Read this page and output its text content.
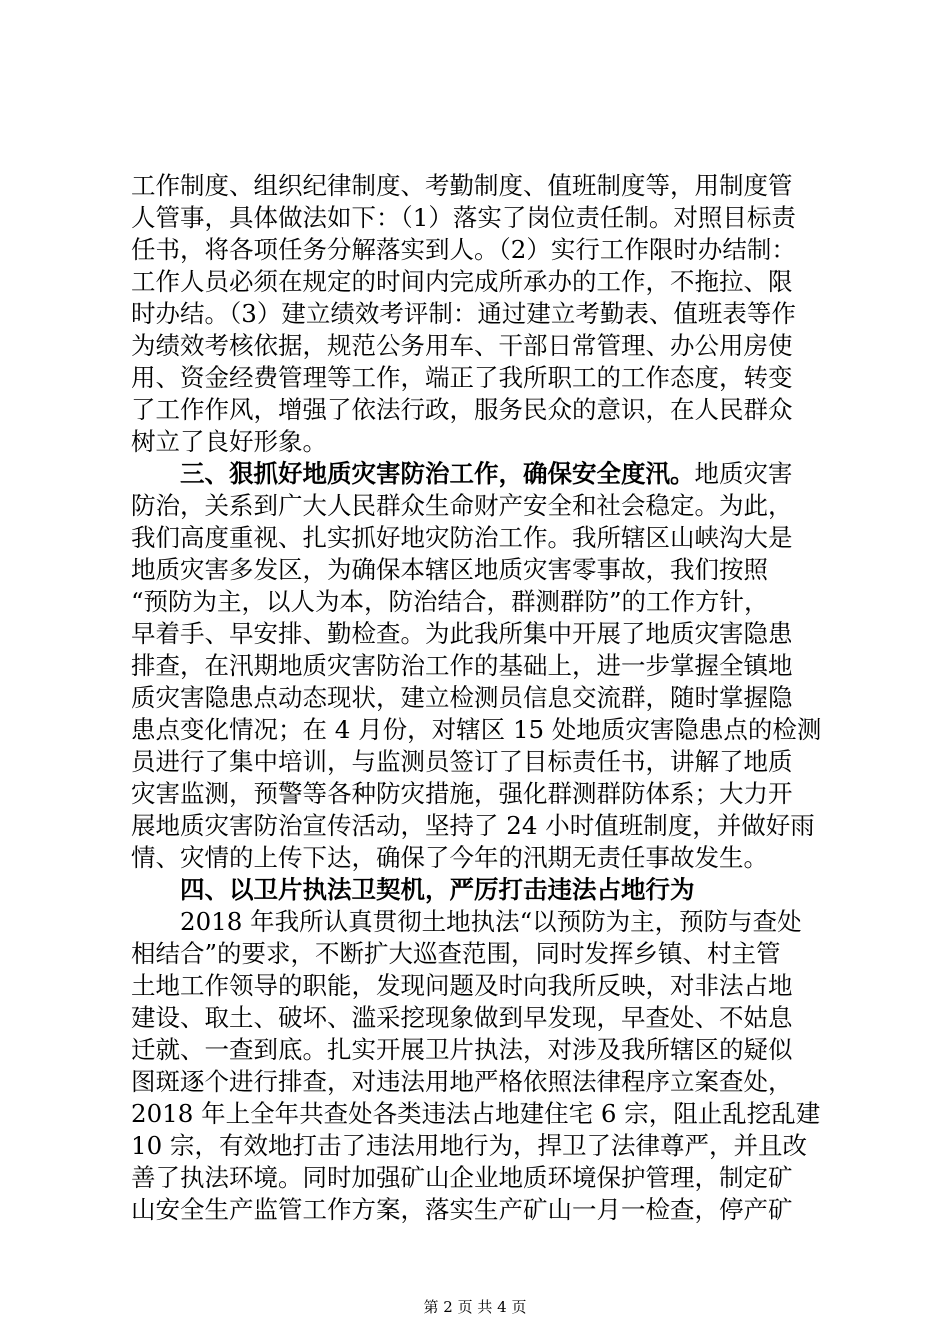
工作制度、组织纪律制度、考勤制度、值班制度等，用制度管
人管事，具体做法如下：（1）落实了岗位责任制。对照目标责
任书，将各项任务分解落实到人。（2）实行工作限时办结制：
工作人员必须在规定的时间内完成所承办的工作，不拖拉、限
时办结。（3）建立绩效考评制：通过建立考勤表、值班表等作
为绩效考核依据，规范公务用车、干部日常管理、办公用房使
用、资金经费管理等工作，端正了我所职工的工作态度，转变
了工作作风，增强了依法行政，服务民众的意识，在人民群众
树立了良好形象。
三、狠抓好地质灾害防治工作，确保安全度汛。地质灾害
防治，关系到广大人民群众生命财产安全和社会稳定。为此，
我们高度重视、扎实抓好地灾防治工作。我所辖区山峡沟大是
地质灾害多发区，为确保本辖区地质灾害零事故，我们按照
“预防为主，以人为本，防治结合，群测群防”的工作方针，
早着手、早安排、勤检查。为此我所集中开展了地质灾害隐患
排查，在汛期地质灾害防治工作的基础上，进一步掌握全镇地
质灾害隐患点动态现状，建立检测员信息交流群，随时掌握隐
患点变化情况；在 4 月份，对辖区 15 处地质灾害隐患点的检测
员进行了集中培训，与监测员签订了目标责任书，讲解了地质
灾害监测，预警等各种防灾措施，强化群测群防体系；大力开
展地质灾害防治宣传活动，坚持了 24 小时值班制度，并做好雨
情、灾情的上传下达，确保了今年的汛期无责任事故发生。
四、以卫片执法卫契机，严厉打击违法占地行为
2018 年我所认真贯彻土地执法“以预防为主，预防与查处
相结合”的要求，不断扩大巡查范围，同时发挥乡镇、村主管
土地工作领导的职能，发现问题及时向我所反映，对非法占地
建设、取土、破坏、滥采挖现象做到早发现，早查处、不姑息
迁就、一查到底。扎实开展卫片执法，对涉及我所辖区的疑似
图斑逐个进行排查，对违法用地严格依照法律程序立案查处，
2018 年上全年共查处各类违法占地建住宅 6 宗，阻止乱挖乱建
10 宗，有效地打击了违法用地行为，捍卫了法律尊严，并且改
善了执法环境。同时加强矿山企业地质环境保护管理，制定矿
山安全生产监管工作方案，落实生产矿山一月一检查，停产矿
第 2 页 共 4 页
